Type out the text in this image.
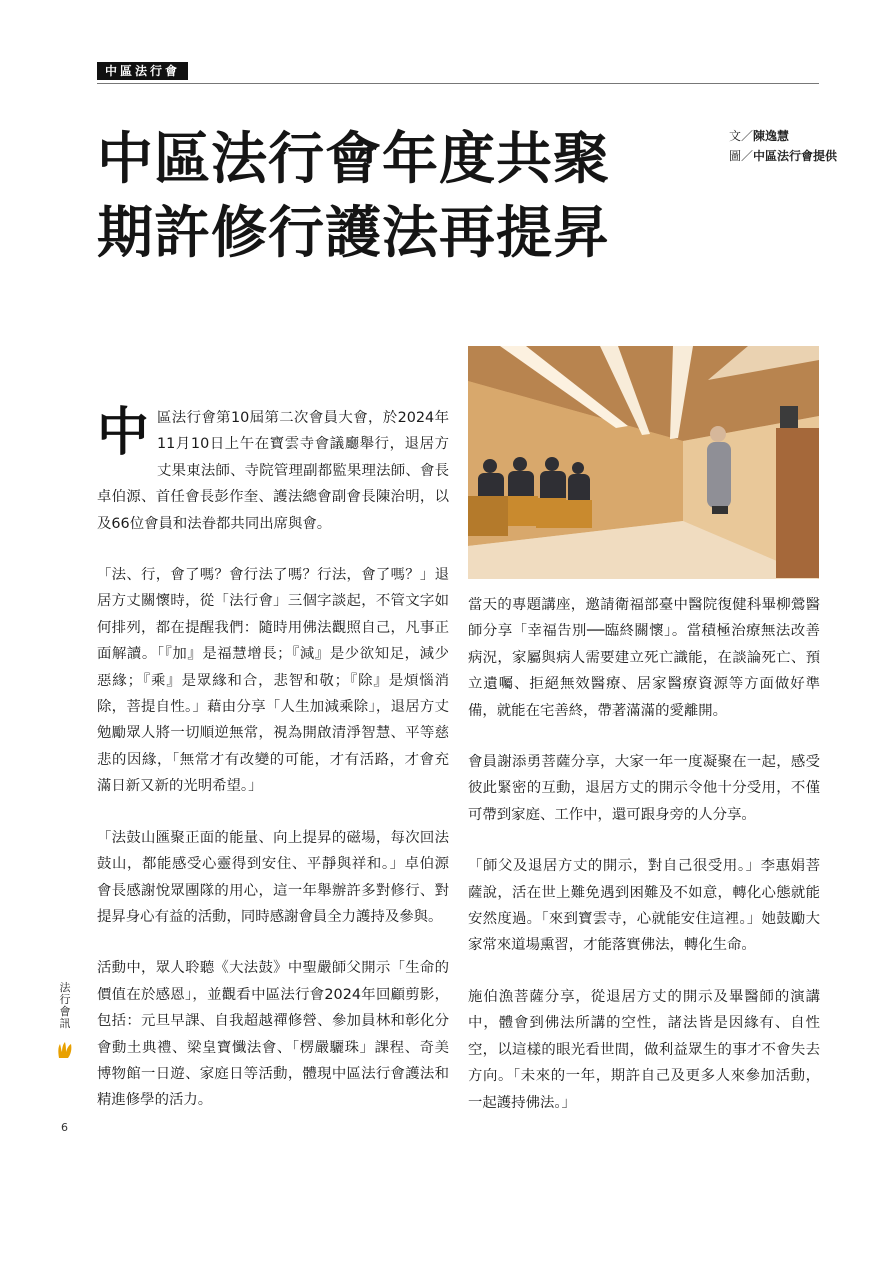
中區法行會
中區法行會年度共聚
期許修行護法再提昇
文／陳逸慧
圖／中區法行會提供

中區法行會第10屆第二次會員大會，於2024年11月10日上午在寶雲寺會議廳舉行，退居方丈果東法師、寺院管理副都監果理法師、會長卓伯源、首任會長彭作奎、護法總會副會長陳治明，以及66位會員和法眷都共同出席與會。

「法、行，會了嗎？會行法了嗎？行法，會了嗎？」退居方丈關懷時，從「法行會」三個字談起，不管文字如何排列，都在提醒我們：隨時用佛法觀照自己，凡事正面解讀。「『加』是福慧增長；『減』是少欲知足，減少惡緣；『乘』是眾緣和合，悲智和敬；『除』是煩惱消除，菩提自性。」藉由分享「人生加減乘除」，退居方丈勉勵眾人將一切順逆無常，視為開啟清淨智慧、平等慈悲的因緣，「無常才有改變的可能，才有活路，才會充滿日新又新的光明希望。」

「法鼓山匯聚正面的能量、向上提昇的磁場，每次回法鼓山，都能感受心靈得到安住、平靜與祥和。」卓伯源會長感謝悅眾團隊的用心，這一年舉辦許多對修行、對提昇身心有益的活動，同時感謝會員全力護持及參與。

活動中，眾人聆聽《大法鼓》中聖嚴師父開示「生命的價值在於感恩」，並觀看中區法行會2024年回顧剪影，包括：元旦早課、自我超越禪修營、參加員林和彰化分會動土典禮、梁皇寶懺法會、「楞嚴驪珠」課程、奇美博物館一日遊、家庭日等活動，體現中區法行會護法和精進修學的活力。

當天的專題講座，邀請衛福部臺中醫院復健科畢柳鶯醫師分享「幸福告別──臨終關懷」。當積極治療無法改善病況，家屬與病人需要建立死亡識能，在談論死亡、預立遺囑、拒絕無效醫療、居家醫療資源等方面做好準備，就能在宅善終，帶著滿滿的愛離開。

會員謝添勇菩薩分享，大家一年一度凝聚在一起，感受彼此緊密的互動，退居方丈的開示令他十分受用，不僅可帶到家庭、工作中，還可跟身旁的人分享。

「師父及退居方丈的開示，對自己很受用。」李惠娟菩薩說，活在世上難免遇到困難及不如意，轉化心態就能安然度過。「來到寶雲寺，心就能安住這裡。」她鼓勵大家常來道場熏習，才能落實佛法，轉化生命。

施伯漁菩薩分享，從退居方丈的開示及畢醫師的演講中，體會到佛法所講的空性，諸法皆是因緣有、自性空，以這樣的眼光看世間，做利益眾生的事才不會失去方向。「未來的一年，期許自己及更多人來參加活動，一起護持佛法。」

法
行
會
訊
6
